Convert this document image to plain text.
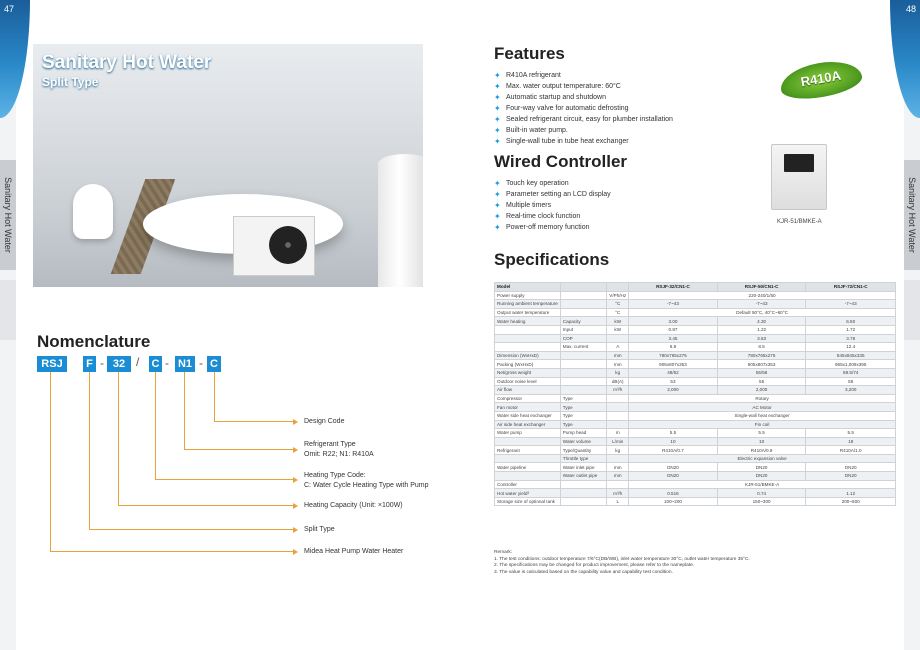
47	48
Sanitary Hot Water	Sanitary Hot Water
Sanitary Hot Water
Split Type
Nomenclature
RSJ	F - 32 / C - N1 - C
Design Code
Refrigerant Type
Omit: R22; N1: R410A
Heating Type Code:
C: Water Cycle Heating Type with Pump
Heating Capacity (Unit: ×100W)
Split Type
Midea Heat Pump Water Heater
Features
✦ R410A refrigerant
✦ Max. water output temperature: 60°C
✦ Automatic startup and shutdown
✦ Four-way valve for automatic defrosting
✦ Sealed refrigerant circuit, easy for plumber installation
✦ Built-in water pump.
✦ Single-wall tube in tube heat exchanger
R410A
Wired Controller
✦ Touch key operation
✦ Parameter setting an LCD display
✦ Multiple timers
✦ Real-time clock function
✦ Power-off memory function
KJR-51/BMKE-A
Specifications
Model			RSJF-32/CN1-C	RSJF-50/CN1-C	RSJF-72/CN1-C
Power supply		V/Ph/Hz	220-240/1/50		
Running ambient temperature		°C	-7~43	-7~43	-7~43
Output water temperature		°C	Default 50°C, 40°C~60°C		
Water heating	Capacity	kW	3.00	4.30	6.50
	Input	kW	0.87	1.22	1.72
	COP		3.45	3.53	3.78
	Max. current	A	6.8	8.5	12.4
Dimension (WxHxD)		mm	780x765x275	780x765x275	845x845x335
Packing (WxHxD)		mm	905x807x353	905x807x353	965x1,009x395
Net/gross weight		kg	48/52	55/58	68.5/74
Outdoor noise level		dB(A)	53	55	55
Air flow		m³/h	2,000	2,000	3,200
Compressor	Type		Rotary		
Fan motor	Type		AC Motor		
Water side heat exchanger	Type		Single-wall heat exchanger		
Air side heat exchanger	Type		Fin coil		
Water pump	Pump head	m	5.5	5.5	5.5
	Water volume	L/min	10	10	18
Refrigerant	Type/Quantity	kg	R410A/0.7	R410A/0.9	R410A/1.0
	Throttle type		Electric expansion valve		
Water pipeline	Water inlet pipe	mm	DN20	DN20	DN20
	Water outlet pipe	mm	DN20	DN20	DN20
Controller			KJR-51/BMKE-A		
Hot water yield³		m³/h	0.516	0.74	1.12
Storage size of optional tank		L	100~200	150~300	200~500
Remark:
1. The test conditions: outdoor temperature 7/6°C(DB/WB), inlet water temperature 30°C, outlet water temperature 35°C.
2. The specifications may be changed for product improvement, please refer to the nameplate.
3. The value is calculated based on the capability value and capability test condition.
